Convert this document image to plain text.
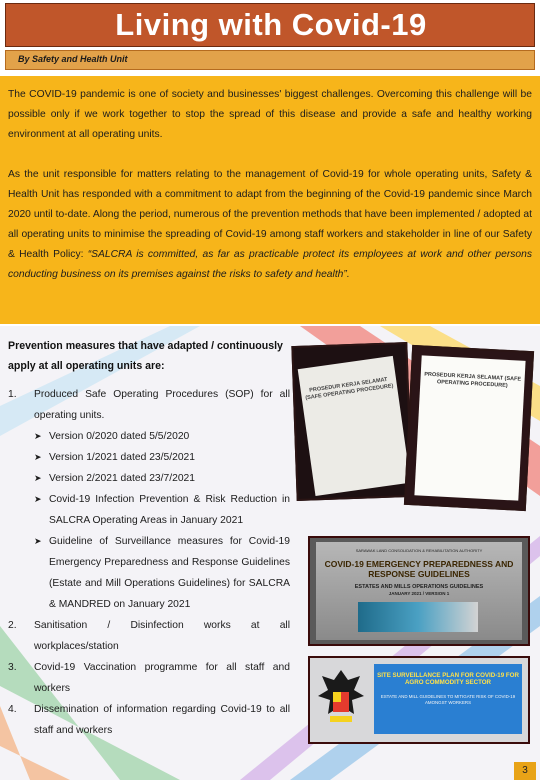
Living with Covid-19
By Safety and Health Unit

The COVID-19 pandemic is one of society and businesses' biggest challenges. Overcoming this challenge will be possible only if we work together to stop the spread of this disease and provide a safe and healthy working environment at all operating units.

As the unit responsible for matters relating to the management of Covid-19 for whole operating units, Safety & Health Unit has responded with a commitment to adapt from the beginning of the Covid-19 pandemic since March 2020 until to-date. Along the period, numerous of the prevention methods that have been implemented / adopted at all operating units to minimise the spreading of Covid-19 among staff workers and stakeholder in line of our Safety & Health Policy: “SALCRA is committed, as far as practicable protect its employees at work and other persons conducting business on its premises against the risks to safety and health”.

Prevention measures that have adapted / continuously apply at all operating units are:
1. Produced Safe Operating Procedures (SOP) for all operating units.
➤ Version 0/2020 dated 5/5/2020
➤ Version 1/2021 dated 23/5/2021
➤ Version 2/2021 dated 23/7/2021
➤ Covid-19 Infection Prevention & Risk Reduction in SALCRA Operating Areas in January 2021
➤ Guideline of Surveillance measures for Covid-19 Emergency Preparedness and Response Guidelines (Estate and Mill Operations Guidelines) for SALCRA & MANDRED on January 2021
2. Sanitisation / Disinfection works at all workplaces/station
3. Covid-19 Vaccination programme for all staff and workers
4. Dissemination of information regarding Covid-19 to all staff and workers
PROSEDUR KERJA SELAMAT (SAFE OPERATING PROCEDURE)
PROSEDUR KERJA SELAMAT (SAFE OPERATING PROCEDURE)
SARAWAK LAND CONSOLIDATION & REHABILITATION AUTHORITY
COVID-19 EMERGENCY PREPAREDNESS AND RESPONSE GUIDELINES
ESTATES AND MILLS OPERATIONS GUIDELINES
JANUARY 2021 / VERSION 1
SITE SURVEILLANCE PLAN FOR COVID-19 FOR AGRO COMMODITY SECTOR
ESTATE AND MILL GUIDELINES TO MITIGATE RISK OF COVID-19 AMONGST WORKERS
3
